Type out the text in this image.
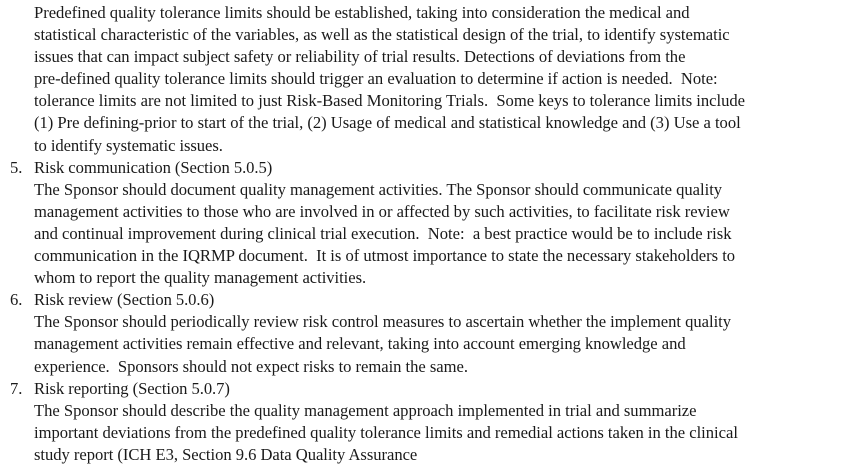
Predefined quality tolerance limits should be established, taking into consideration the medical and
statistical characteristic of the variables, as well as the statistical design of the trial, to identify systematic
issues that can impact subject safety or reliability of trial results. Detections of deviations from the
pre-defined quality tolerance limits should trigger an evaluation to determine if action is needed.  Note:
tolerance limits are not limited to just Risk-Based Monitoring Trials.  Some keys to tolerance limits include
(1) Pre defining-prior to start of the trial, (2) Usage of medical and statistical knowledge and (3) Use a tool
to identify systematic issues.
5. Risk communication (Section 5.0.5)
The Sponsor should document quality management activities. The Sponsor should communicate quality
management activities to those who are involved in or affected by such activities, to facilitate risk review
and continual improvement during clinical trial execution.  Note:  a best practice would be to include risk
communication in the IQRMP document.  It is of utmost importance to state the necessary stakeholders to
whom to report the quality management activities.
6. Risk review (Section 5.0.6)
The Sponsor should periodically review risk control measures to ascertain whether the implement quality
management activities remain effective and relevant, taking into account emerging knowledge and
experience.  Sponsors should not expect risks to remain the same.
7. Risk reporting (Section 5.0.7)
The Sponsor should describe the quality management approach implemented in trial and summarize
important deviations from the predefined quality tolerance limits and remedial actions taken in the clinical
study report (ICH E3, Section 9.6 Data Quality Assurance
